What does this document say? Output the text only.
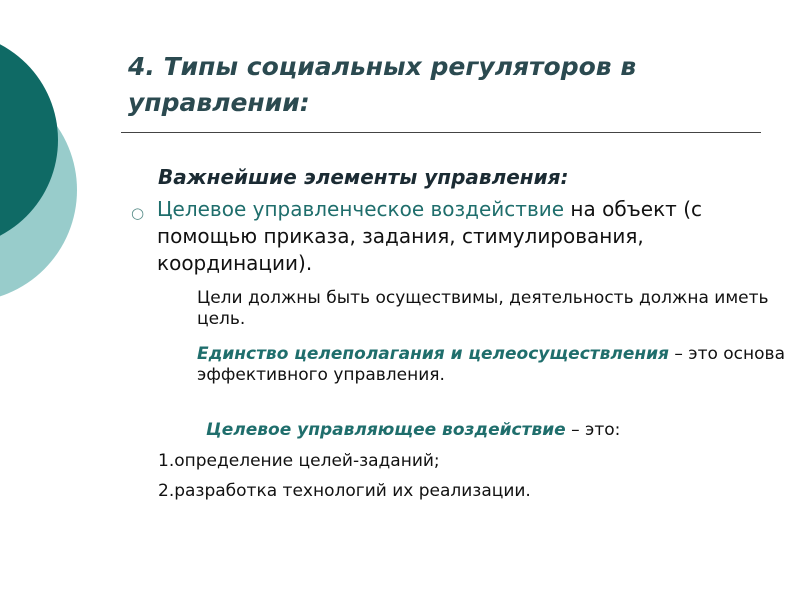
4. Типы социальных регуляторов в управлении:

Важнейшие элементы управления:

○ Целевое управленческое воздействие на объект (с помощью приказа, задания, стимулирования, координации).

Цели должны быть осуществимы, деятельность должна иметь цель.

Единство целеполагания и целеосуществления – это основа эффективного управления.

Целевое управляющее воздействие – это:

1.определение целей-заданий;

2.разработка технологий их реализации.
